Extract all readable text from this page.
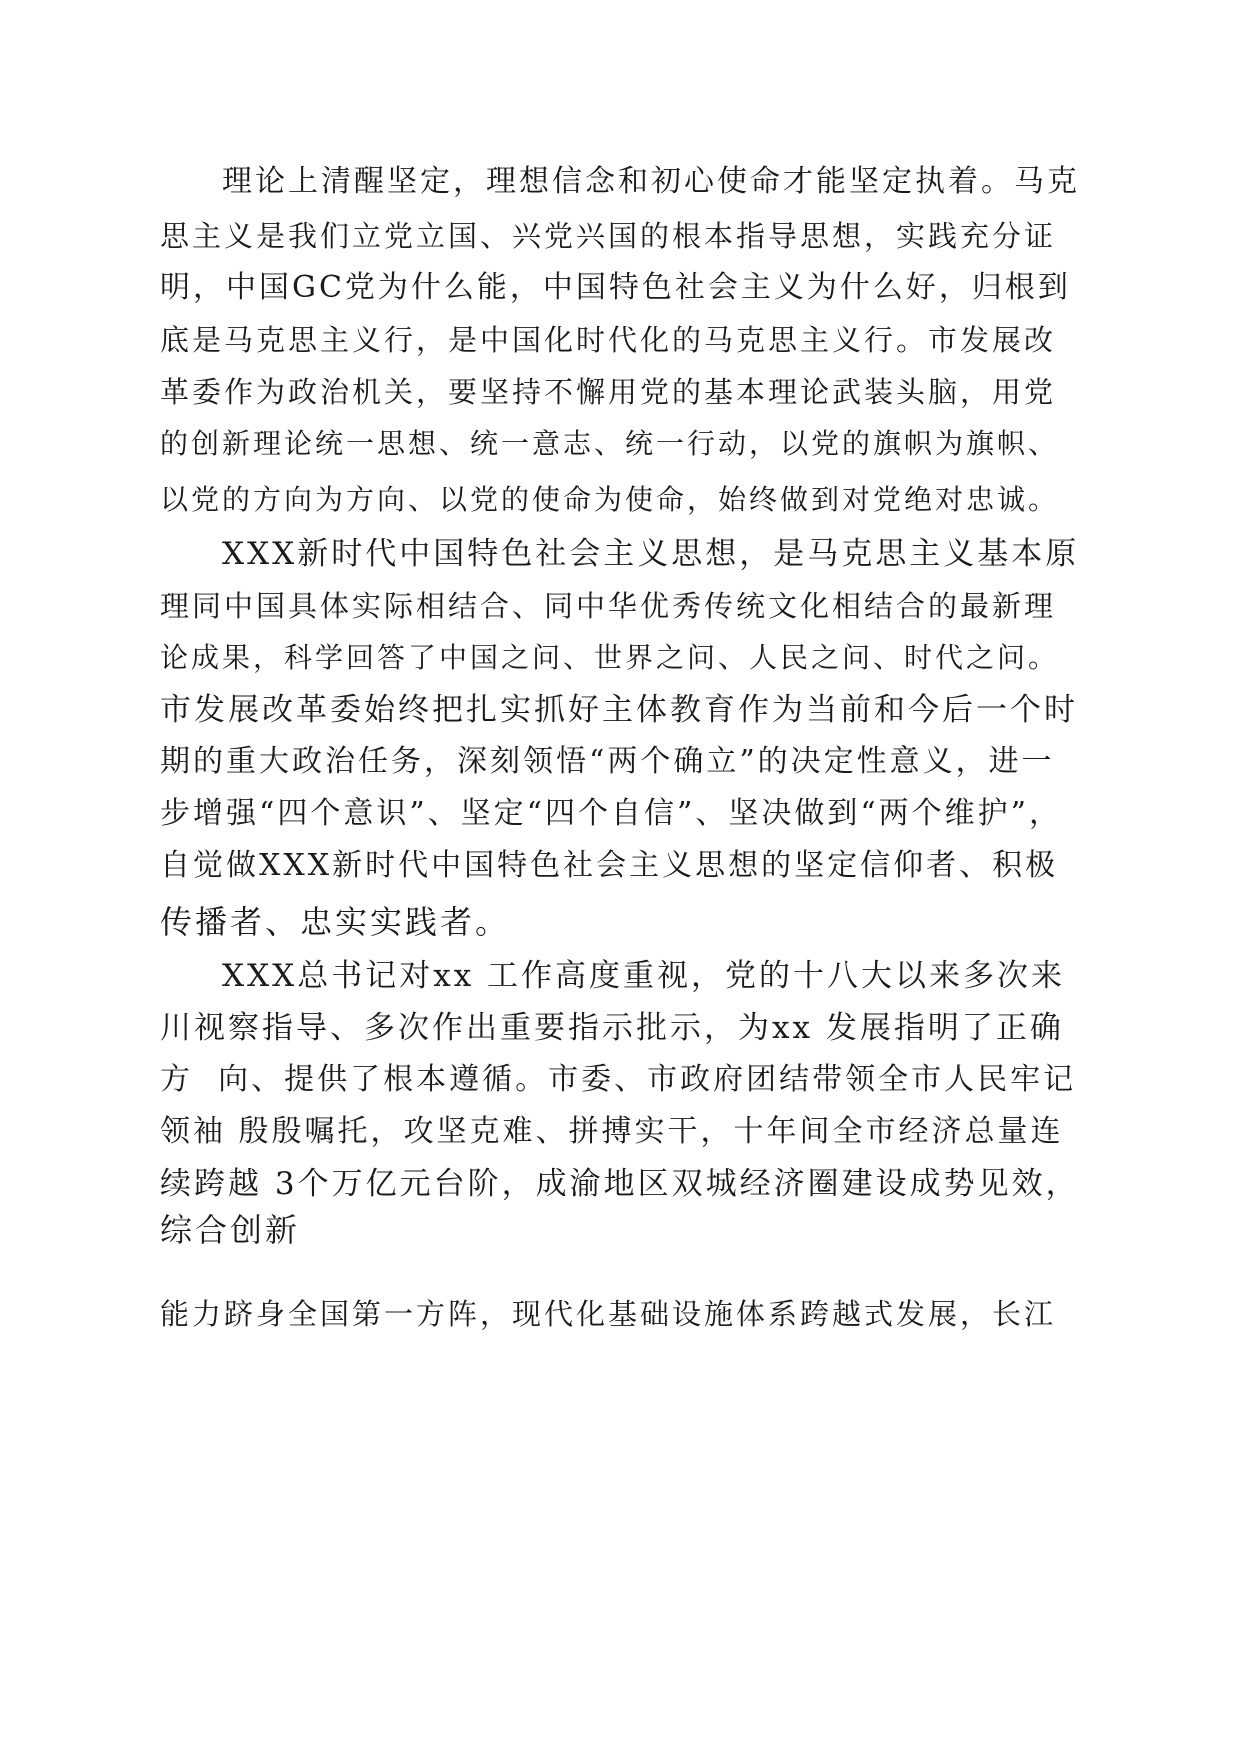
理论上清醒坚定，理想信念和初心使命才能坚定执着。马克

思主义是我们立党立国、兴党兴国的根本指导思想，实践充分证

明，中国GC党为什么能，中国特色社会主义为什么好，归根到

底是马克思主义行，是中国化时代化的马克思主义行。市发展改

革委作为政治机关，要坚持不懈用党的基本理论武装头脑，用党

的创新理论统一思想、统一意志、统一行动，以党的旗帜为旗帜、

以党的方向为方向、以党的使命为使命，始终做到对党绝对忠诚。

XXX新时代中国特色社会主义思想，是马克思主义基本原

理同中国具体实际相结合、同中华优秀传统文化相结合的最新理

论成果，科学回答了中国之问、世界之问、人民之问、时代之问。

市发展改革委始终把扎实抓好主体教育作为当前和今后一个时

期的重大政治任务，深刻领悟“两个确立”的决定性意义，进一

步增强“四个意识”、坚定“四个自信”、坚决做到“两个维护”，

自觉做XXX新时代中国特色社会主义思想的坚定信仰者、积极

传播者、忠实实践者。

XXX总书记对xx 工作高度重视，党的十八大以来多次来

川视察指导、多次作出重要指示批示，为xx 发展指明了正确

方  向、提供了根本遵循。市委、市政府团结带领全市人民牢记

领袖 殷殷嘱托，攻坚克难、拼搏实干，十年间全市经济总量连

续跨越 3个万亿元台阶，成渝地区双城经济圈建设成势见效，

综合创新

能力跻身全国第一方阵，现代化基础设施体系跨越式发展，长江
